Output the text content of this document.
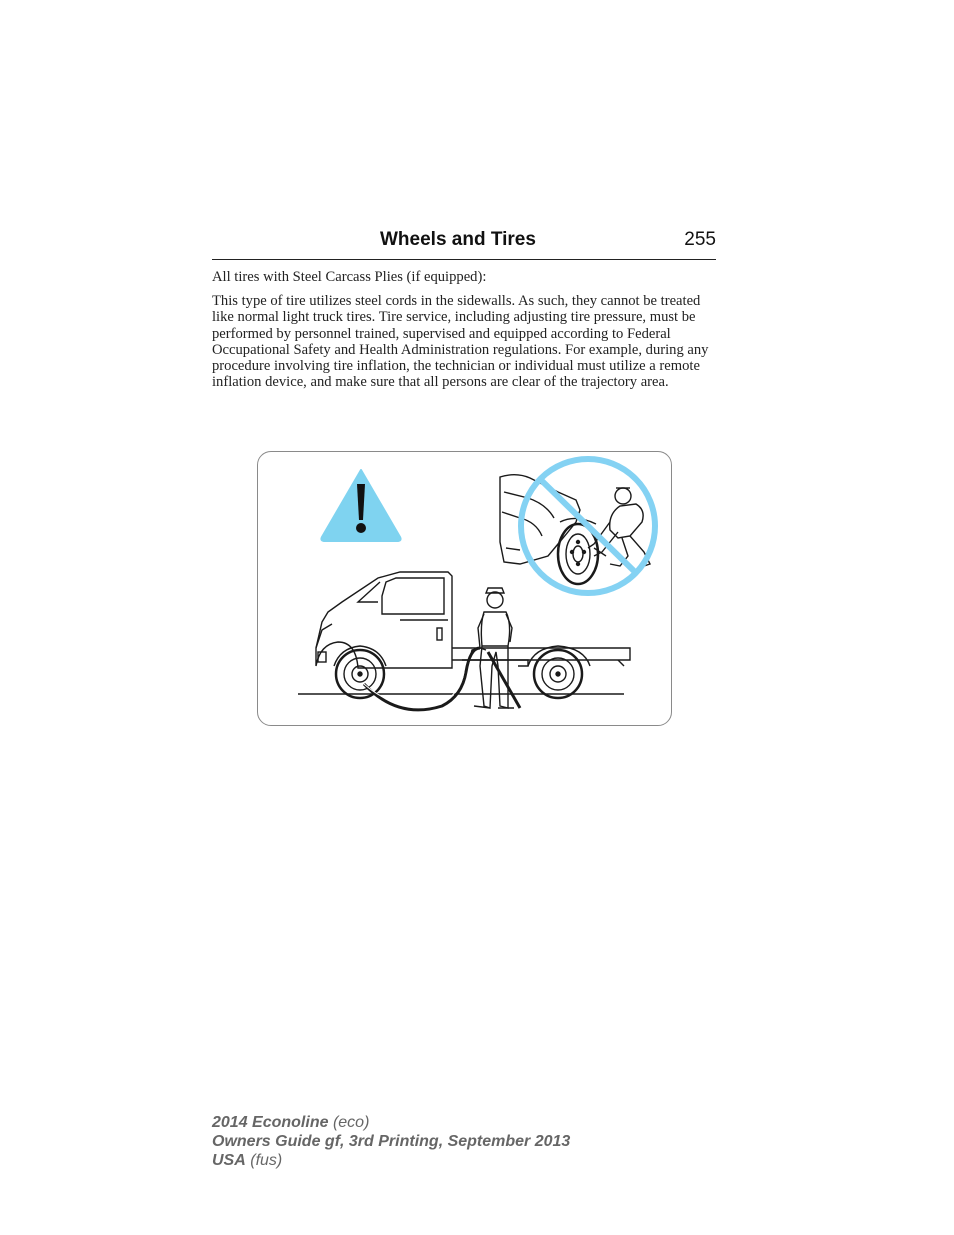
Wheels and Tires	255

All tires with Steel Carcass Plies (if equipped):

This type of tire utilizes steel cords in the sidewalls. As such, they cannot be treated like normal light truck tires. Tire service, including adjusting tire pressure, must be performed by personnel trained, supervised and equipped according to Federal Occupational Safety and Health Administration regulations. For example, during any procedure involving tire inflation, the technician or individual must utilize a remote inflation device, and make sure that all persons are clear of the trajectory area.

2014 Econoline (eco)
Owners Guide gf, 3rd Printing, September 2013
USA (fus)
